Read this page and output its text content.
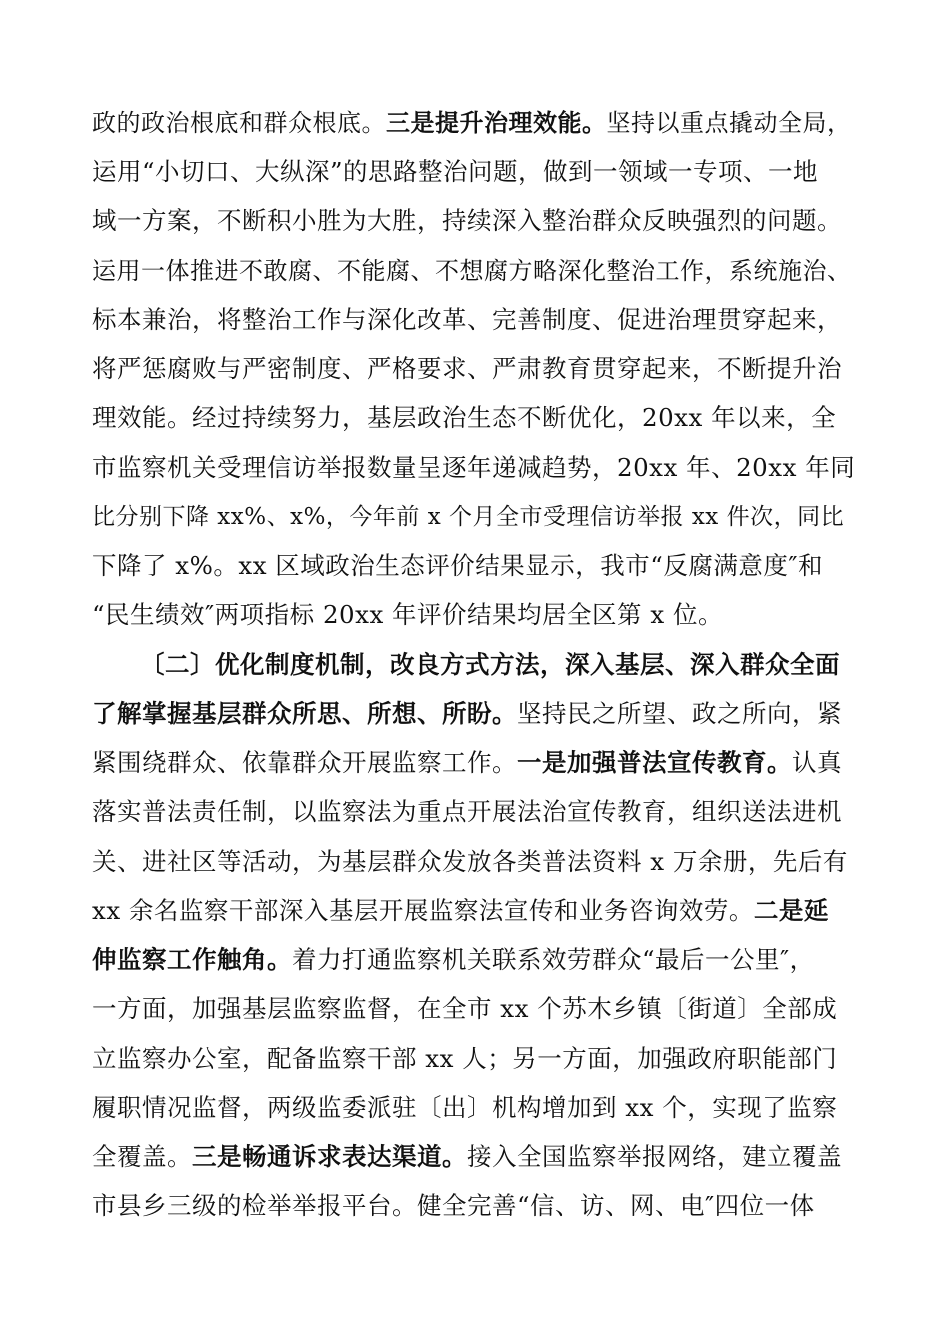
政的政治根底和群众根底。三是提升治理效能。坚持以重点撬动全局，
运用“小切口、大纵深”的思路整治问题，做到一领域一专项、一地
域一方案，不断积小胜为大胜，持续深入整治群众反映强烈的问题。
运用一体推进不敢腐、不能腐、不想腐方略深化整治工作，系统施治、
标本兼治，将整治工作与深化改革、完善制度、促进治理贯穿起来，
将严惩腐败与严密制度、严格要求、严肃教育贯穿起来，不断提升治
理效能。经过持续努力，基层政治生态不断优化，20xx 年以来，全
市监察机关受理信访举报数量呈逐年递减趋势，20xx 年、20xx 年同
比分别下降 xx%、x%，今年前 x 个月全市受理信访举报 xx 件次，同比
下降了 x%。xx 区域政治生态评价结果显示，我市“反腐满意度″和
“民生绩效″两项指标 20xx 年评价结果均居全区第 x 位。
〔二〕优化制度机制，改良方式方法，深入基层、深入群众全面
了解掌握基层群众所思、所想、所盼。坚持民之所望、政之所向，紧
紧围绕群众、依靠群众开展监察工作。一是加强普法宣传教育。认真
落实普法责任制，以监察法为重点开展法治宣传教育，组织送法进机
关、进社区等活动，为基层群众发放各类普法资料 x 万余册，先后有
xx 余名监察干部深入基层开展监察法宣传和业务咨询效劳。二是延
伸监察工作触角。着力打通监察机关联系效劳群众“最后一公里″，
一方面，加强基层监察监督，在全市 xx 个苏木乡镇〔街道〕全部成
立监察办公室，配备监察干部 xx 人；另一方面，加强政府职能部门
履职情况监督，两级监委派驻〔出〕机构增加到 xx 个，实现了监察
全覆盖。三是畅通诉求表达渠道。接入全国监察举报网络，建立覆盖
市县乡三级的检举举报平台。健全完善“信、访、网、电″四位一体
